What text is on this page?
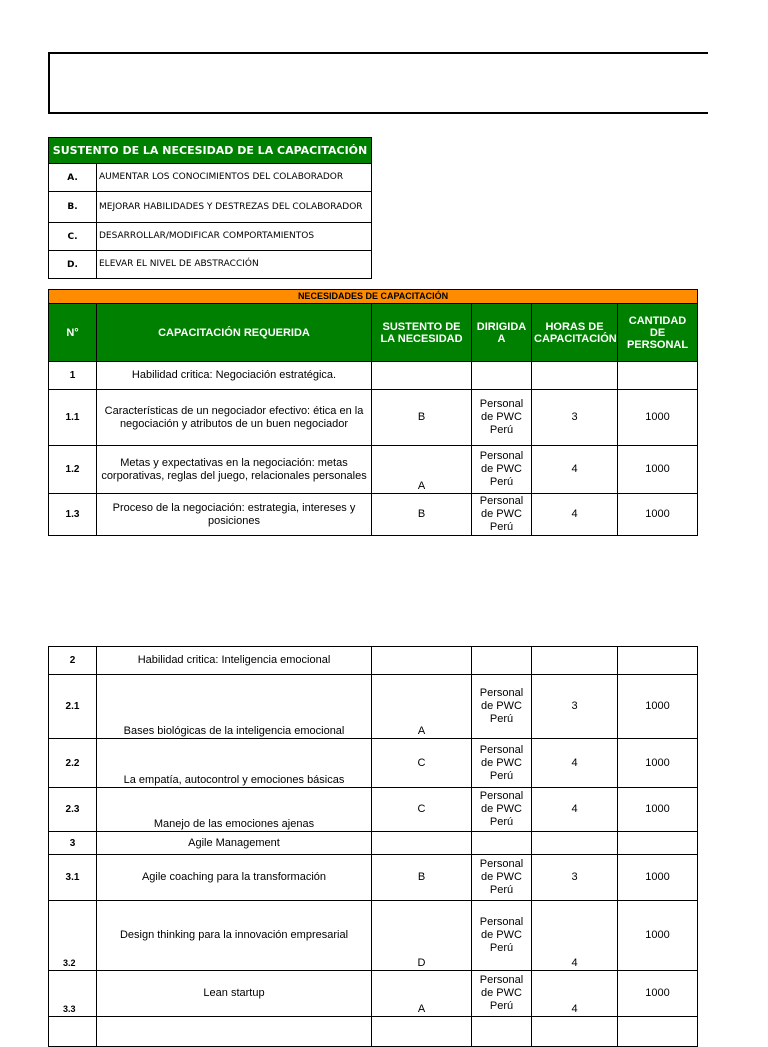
SUSTENTO DE LA NECESIDAD DE LA CAPACITACIÓN	
A.	AUMENTAR LOS CONOCIMIENTOS DEL COLABORADOR
B.	MEJORAR HABILIDADES Y DESTREZAS DEL COLABORADOR
C.	DESARROLLAR/MODIFICAR COMPORTAMIENTOS
D.	ELEVAR EL NIVEL DE ABSTRACCIÓN
NECESIDADES DE CAPACITACIÓN					
N°	CAPACITACIÓN REQUERIDA	SUSTENTO DE LA NECESIDAD	DIRIGIDA A	HORAS DE CAPACITACIÓN	CANTIDAD DE PERSONAL
1	Habilidad critica: Negociación estratégica.				
1.1	Características de un negociador efectivo: ética en la negociación y atributos de un buen negociador	B	Personal de PWC Perú	3	1000
1.2	Metas y expectativas en la negociación: metas corporativas, reglas del juego, relacionales personales	A	Personal de PWC Perú	4	1000
1.3	Proceso de la negociación: estrategia, intereses y posiciones	B	Personal de PWC Perú	4	1000
2	Habilidad critica: Inteligencia emocional				
2.1	Bases biológicas de la inteligencia emocional	A	Personal de PWC Perú	3	1000
2.2	La empatía, autocontrol y emociones básicas	C	Personal de PWC Perú	4	1000
2.3	Manejo de las emociones ajenas	C	Personal de PWC Perú	4	1000
3	Agile Management				
3.1	Agile coaching para la transformación	B	Personal de PWC Perú	3	1000
3.2	Design thinking para la innovación empresarial	D	Personal de PWC Perú	4	1000
3.3	Lean startup	A	Personal de PWC Perú	4	1000
